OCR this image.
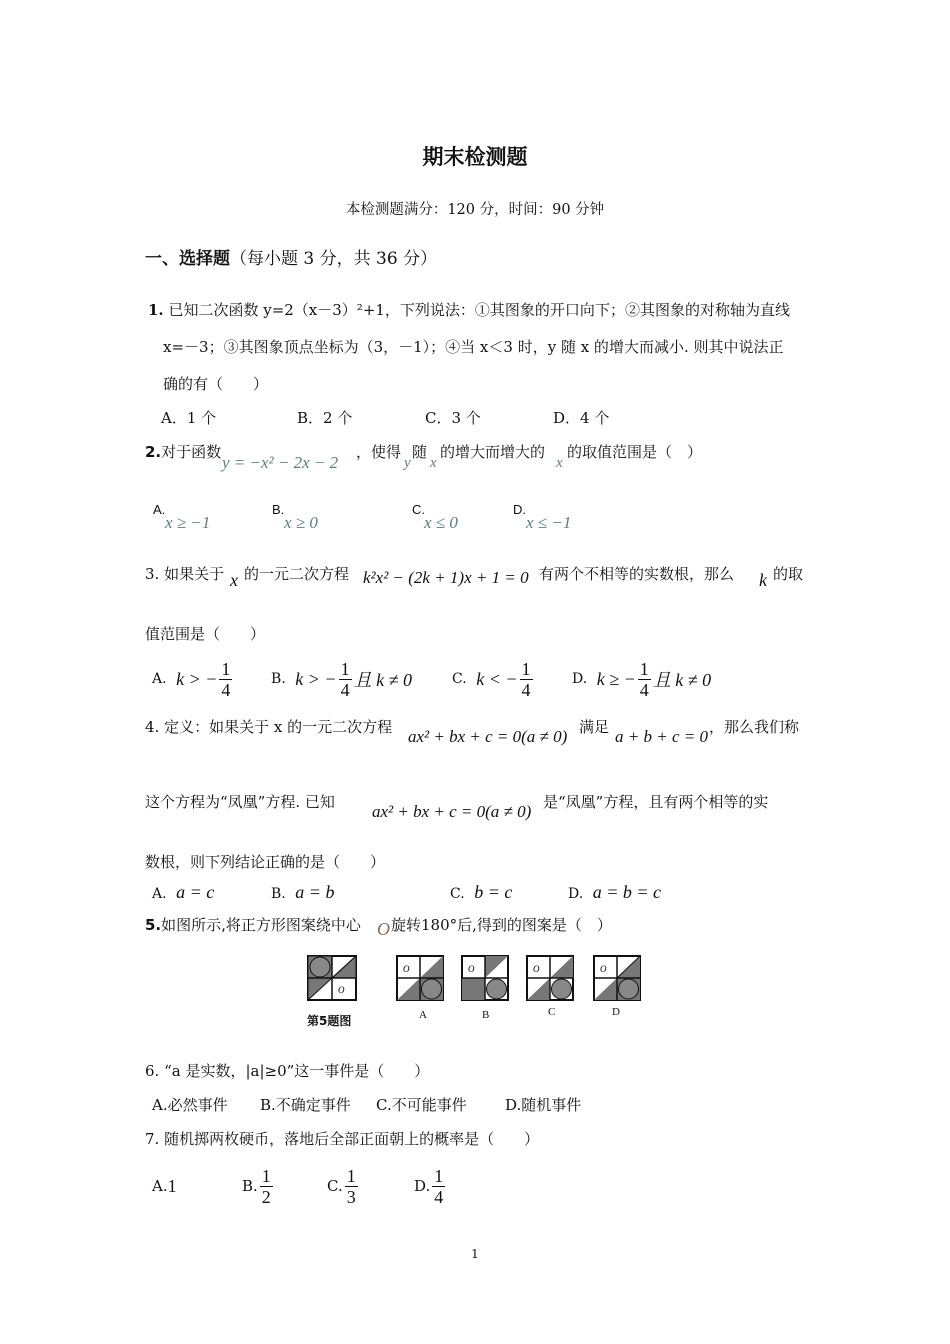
期末检测题
本检测题满分：120 分，时间：90 分钟
一、选择题（每小题 3 分，共 36 分）
1. 已知二次函数 y=2（x－3）²+1，下列说法：①其图象的开口向下；②其图象的对称轴为直线
x=－3；③其图象顶点坐标为（3，－1）；④当 x＜3 时，y 随 x 的增大而减小. 则其中说法正
确的有（　　）
A．1 个	B．2 个	C．3 个	D．4 个
2.对于函数
y = −x² − 2x − 2
，使得 随
y x
的增大而增大的
x
的取值范围是（　）
A.
x ≥ −1
B.
x ≥ 0
C.
x ≤ 0
D.
x ≤ −1
3. 如果关于 x 的一元二次方程 k²x² − (2k + 1)x + 1 = 0 有两个不相等的实数根，那么 k 的取
值范围是（　　）
A.
k > − $\frac{1}{4}$	B.
k > − $\frac{1}{4}$ 且 k ≠ 0	C.
k < − $\frac{1}{4}$	D.
k ≥ − $\frac{1}{4}$ 且 k ≠ 0
4. 定义：如果关于 x 的一元二次方程 ax² + bx + c = 0(a ≠ 0) 满足 a + b + c = 0 ，那么我们称
这个方程为“凤凰”方程. 已知 ax² + bx + c = 0(a ≠ 0) 是“凤凰”方程，且有两个相等的实
数根，则下列结论正确的是（　　）
A. a = c	B. a = b	C. b = c	D. a = b = c
5.如图所示,将正方形图案绕中心 O 旋转180°后,得到的图案是（　）
O
O	O	O	O
第5题图	A	B	C	D
6. “a 是实数，|a|≥0”这一事件是（　　）
A.必然事件 B.不确定事件 C.不可能事件	D.随机事件
7. 随机掷两枚硬币，落地后全部正面朝上的概率是（　　）
A. 1	B. $\frac{1}{2}$	C. $\frac{1}{3}$	D. $\frac{1}{4}$
1
